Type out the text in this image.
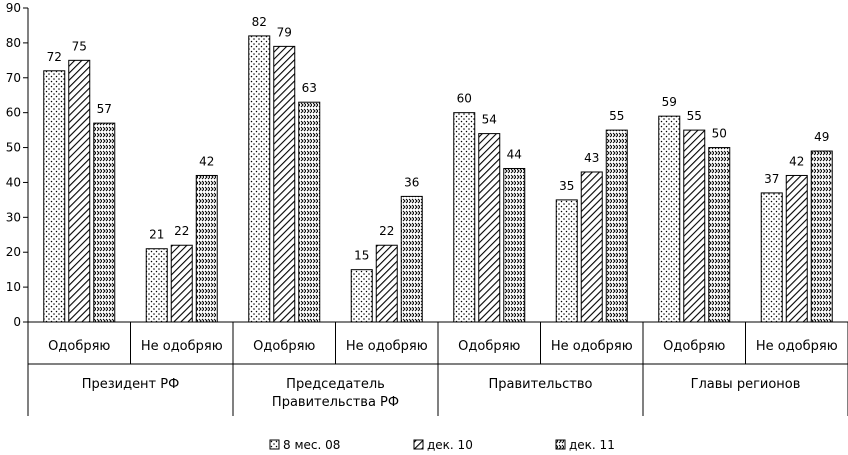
0
10
20
30
40
50
60
70
80
90
72
75
57
21 22
42
82
79
63
15
22
36
60
54
44
35
43
55
59
55
50
37
42
49
Одобряю Не одобряю
Президент РФ
Одобряю Не одобряю
Председатель
Правительства РФ
Одобряю Не одобряю
Правительство
Одобряю Не одобряю
Главы регионов
8 мес. 08	дек. 10	дек. 11
